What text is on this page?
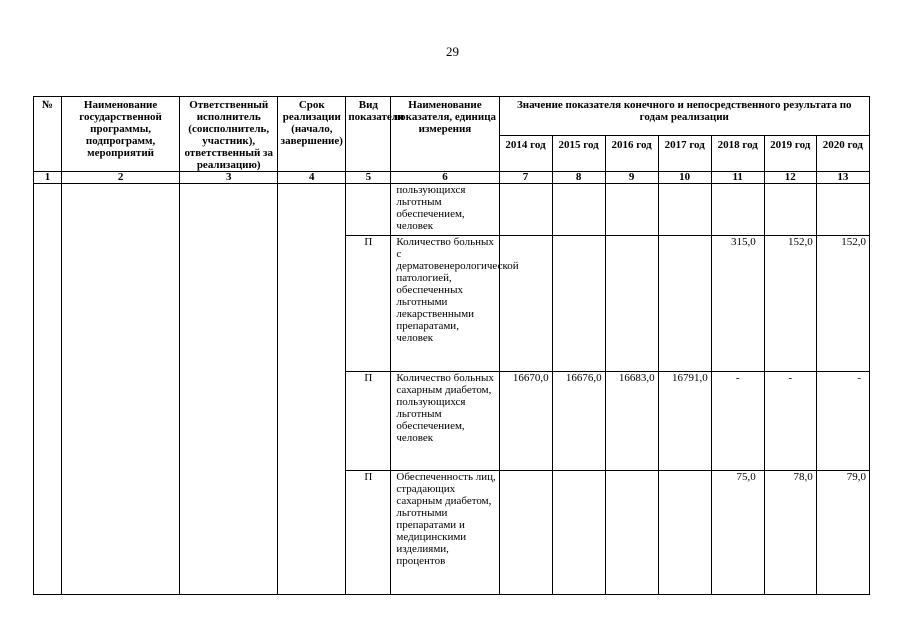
29
№	Наименование государственной программы, подпрограмм, мероприятий	Ответственный исполнитель (соисполнитель, участник), ответственный за реализацию)	Срок реализации (начало, завершение)	Вид показателя	Наименование показателя, единица измерения	Значение показателя конечного и непосредственного результата по годам реализации						
						2014 год	2015 год	2016 год	2017 год	2018 год	2019 год	2020 год
1	2	3	4	5	6	7	8	9	10	11	12	13
					пользующихся льготным обеспечением, человек							
				П	Количество больных с дерматовенерологической патологией, обеспеченных льготными лекарственными препаратами, человек					315,0	152,0	152,0
				П	Количество больных сахарным диабетом, пользующихся льготным обеспечением, человек	16670,0	16676,0	16683,0	16791,0	-	-	-
				П	Обеспеченность лиц, страдающих сахарным диабетом, льготными препаратами и медицинскими изделиями, процентов					75,0	78,0	79,0
